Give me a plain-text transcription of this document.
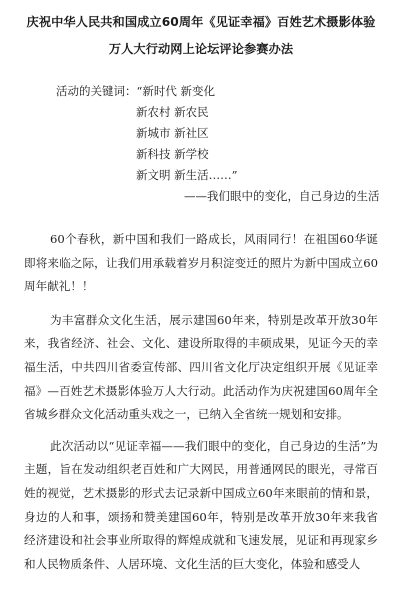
庆祝中华人民共和国成立60周年《见证幸福》百姓艺术摄影体验
万人大行动网上论坛评论参赛办法
活动的关键词：“新时代 新变化
新农村 新农民
新城市 新社区
新科技 新学校
新文明 新生活……”
——我们眼中的变化，自己身边的生活

60个春秋，新中国和我们一路成长，风雨同行！在祖国60华诞即将来临之际，让我们用承载着岁月积淀变迁的照片为新中国成立60周年献礼！！

为丰富群众文化生活，展示建国60年来，特别是改革开放30年来，我省经济、社会、文化、建设所取得的丰硕成果，见证今天的幸福生活，中共四川省委宣传部、四川省文化厅决定组织开展《见证幸福》—百姓艺术摄影体验万人大行动。此活动作为庆祝建国60周年全省城乡群众文化活动重头戏之一，已纳入全省统一规划和安排。

此次活动以“见证幸福——我们眼中的变化，自己身边的生活”为主题，旨在发动组织老百姓和广大网民，用普通网民的眼光，寻常百姓的视觉，艺术摄影的形式去记录新中国成立60年来眼前的情和景，身边的人和事，颂扬和赞美建国60年，特别是改革开放30年来我省经济建设和社会事业所取得的辉煌成就和飞速发展，见证和再现家乡和人民物质条件、人居环境、文化生活的巨大变化，体验和感受人
